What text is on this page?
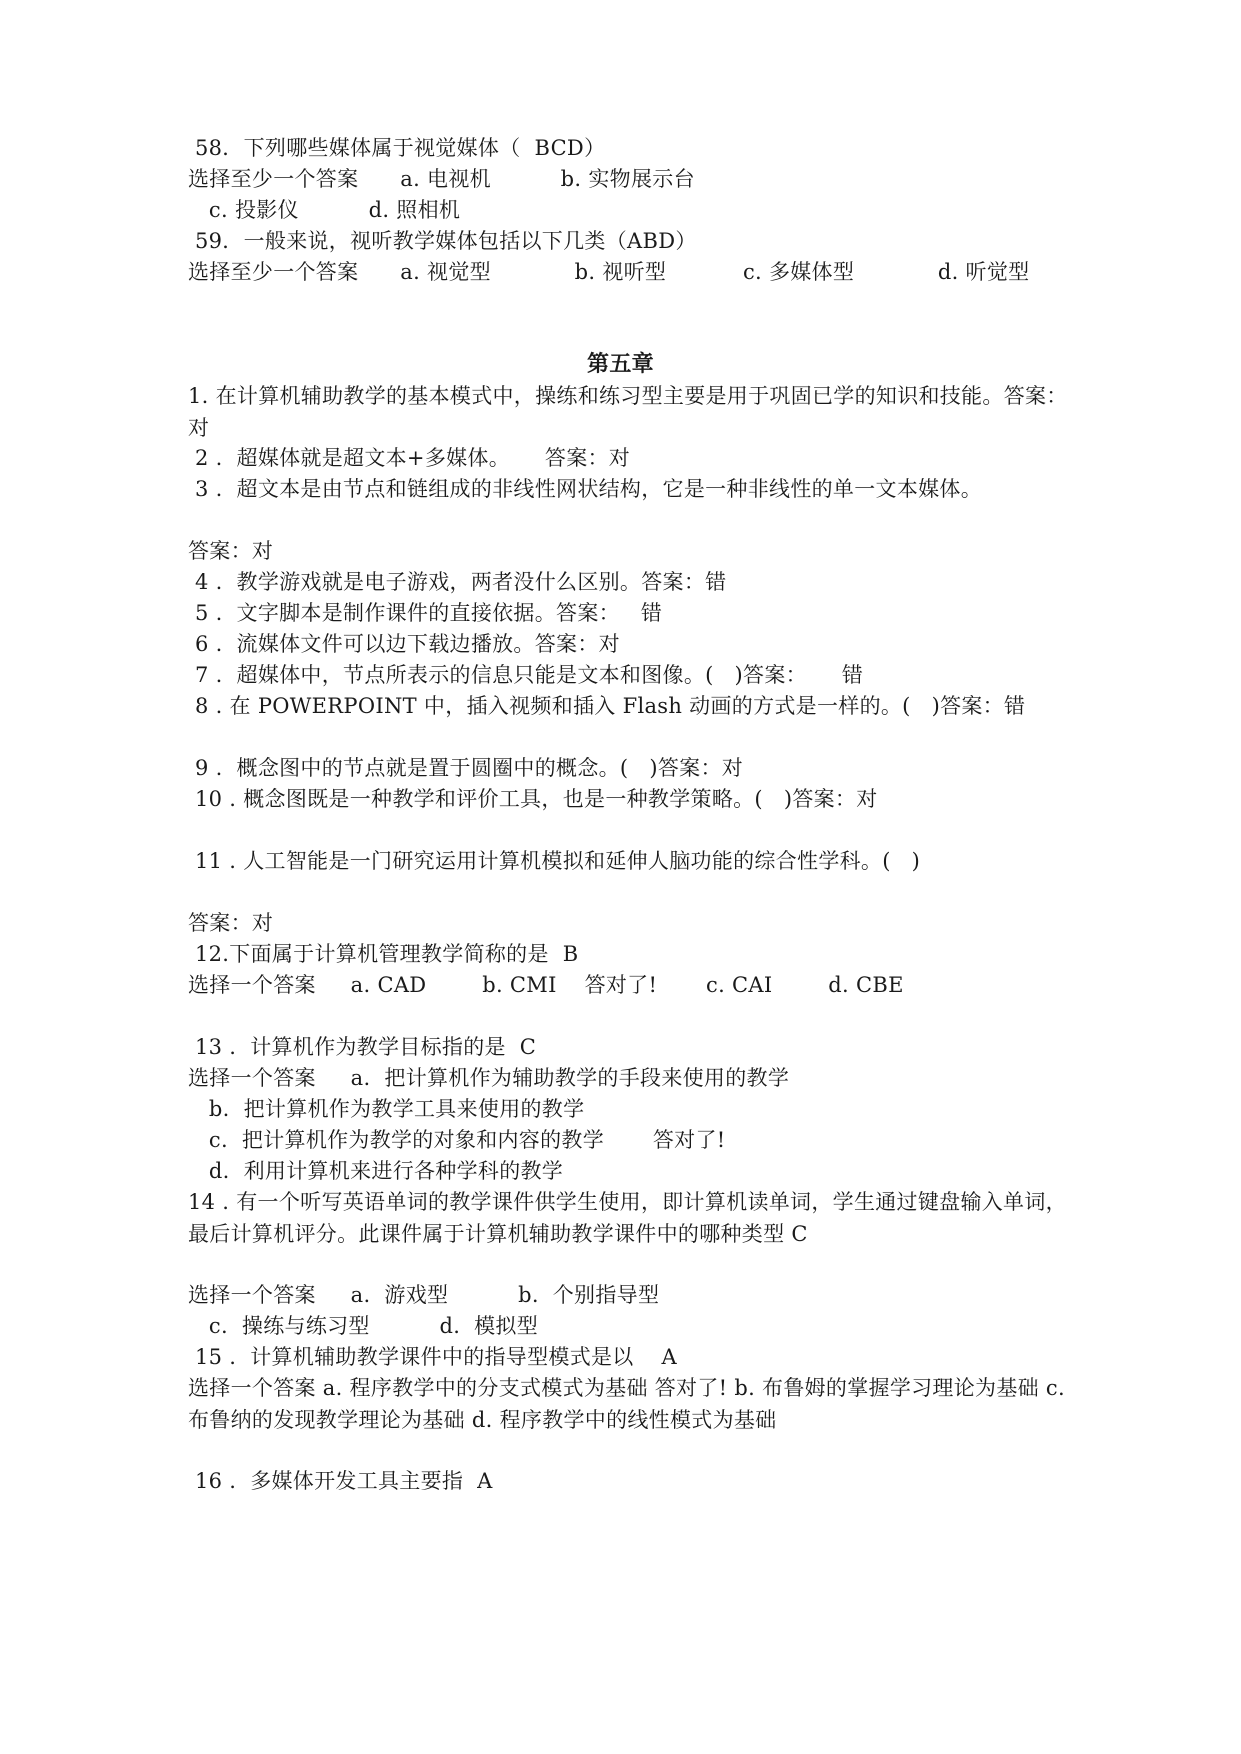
58．下列哪些媒体属于视觉媒体（  BCD）

选择至少一个答案      a. 电视机          b. 实物展示台

c. 投影仪          d. 照相机

59．一般来说，视听教学媒体包括以下几类（ABD）

选择至少一个答案      a. 视觉型            b. 视听型           c. 多媒体型            d. 听觉型

第五章

1. 在计算机辅助教学的基本模式中，操练和练习型主要是用于巩固已学的知识和技能。答案：对

2 .  超媒体就是超文本+多媒体。     答案：对

3 .  超文本是由节点和链组成的非线性网状结构，它是一种非线性的单一文本媒体。

答案：对

4 .  教学游戏就是电子游戏，两者没什么区别。答案：错

5 .  文字脚本是制作课件的直接依据。答案：   错

6 .  流媒体文件可以边下载边播放。答案：对

7 .  超媒体中，节点所表示的信息只能是文本和图像。(   )答案：     错

8 . 在 POWERPOINT 中，插入视频和插入 Flash 动画的方式是一样的。(   )答案：错

9 .  概念图中的节点就是置于圆圈中的概念。(   )答案：对

10 . 概念图既是一种教学和评价工具，也是一种教学策略。(   )答案：对

11 . 人工智能是一门研究运用计算机模拟和延伸人脑功能的综合性学科。(   )

答案：对

12.下面属于计算机管理教学简称的是  B

选择一个答案     a. CAD        b. CMI    答对了!       c. CAI        d. CBE

13 .  计算机作为教学目标指的是  C

选择一个答案     a.  把计算机作为辅助教学的手段来使用的教学

b.  把计算机作为教学工具来使用的教学

c.  把计算机作为教学的对象和内容的教学       答对了!

d.  利用计算机来进行各种学科的教学

14 . 有一个听写英语单词的教学课件供学生使用，即计算机读单词，学生通过键盘输入单词，最后计算机评分。此课件属于计算机辅助教学课件中的哪种类型 C

选择一个答案     a.  游戏型          b.  个别指导型

c.  操练与练习型          d.  模拟型

15 .  计算机辅助教学课件中的指导型模式是以    A

选择一个答案 a. 程序教学中的分支式模式为基础 答对了! b. 布鲁姆的掌握学习理论为基础 c. 布鲁纳的发现教学理论为基础 d. 程序教学中的线性模式为基础

16 .  多媒体开发工具主要指  A
